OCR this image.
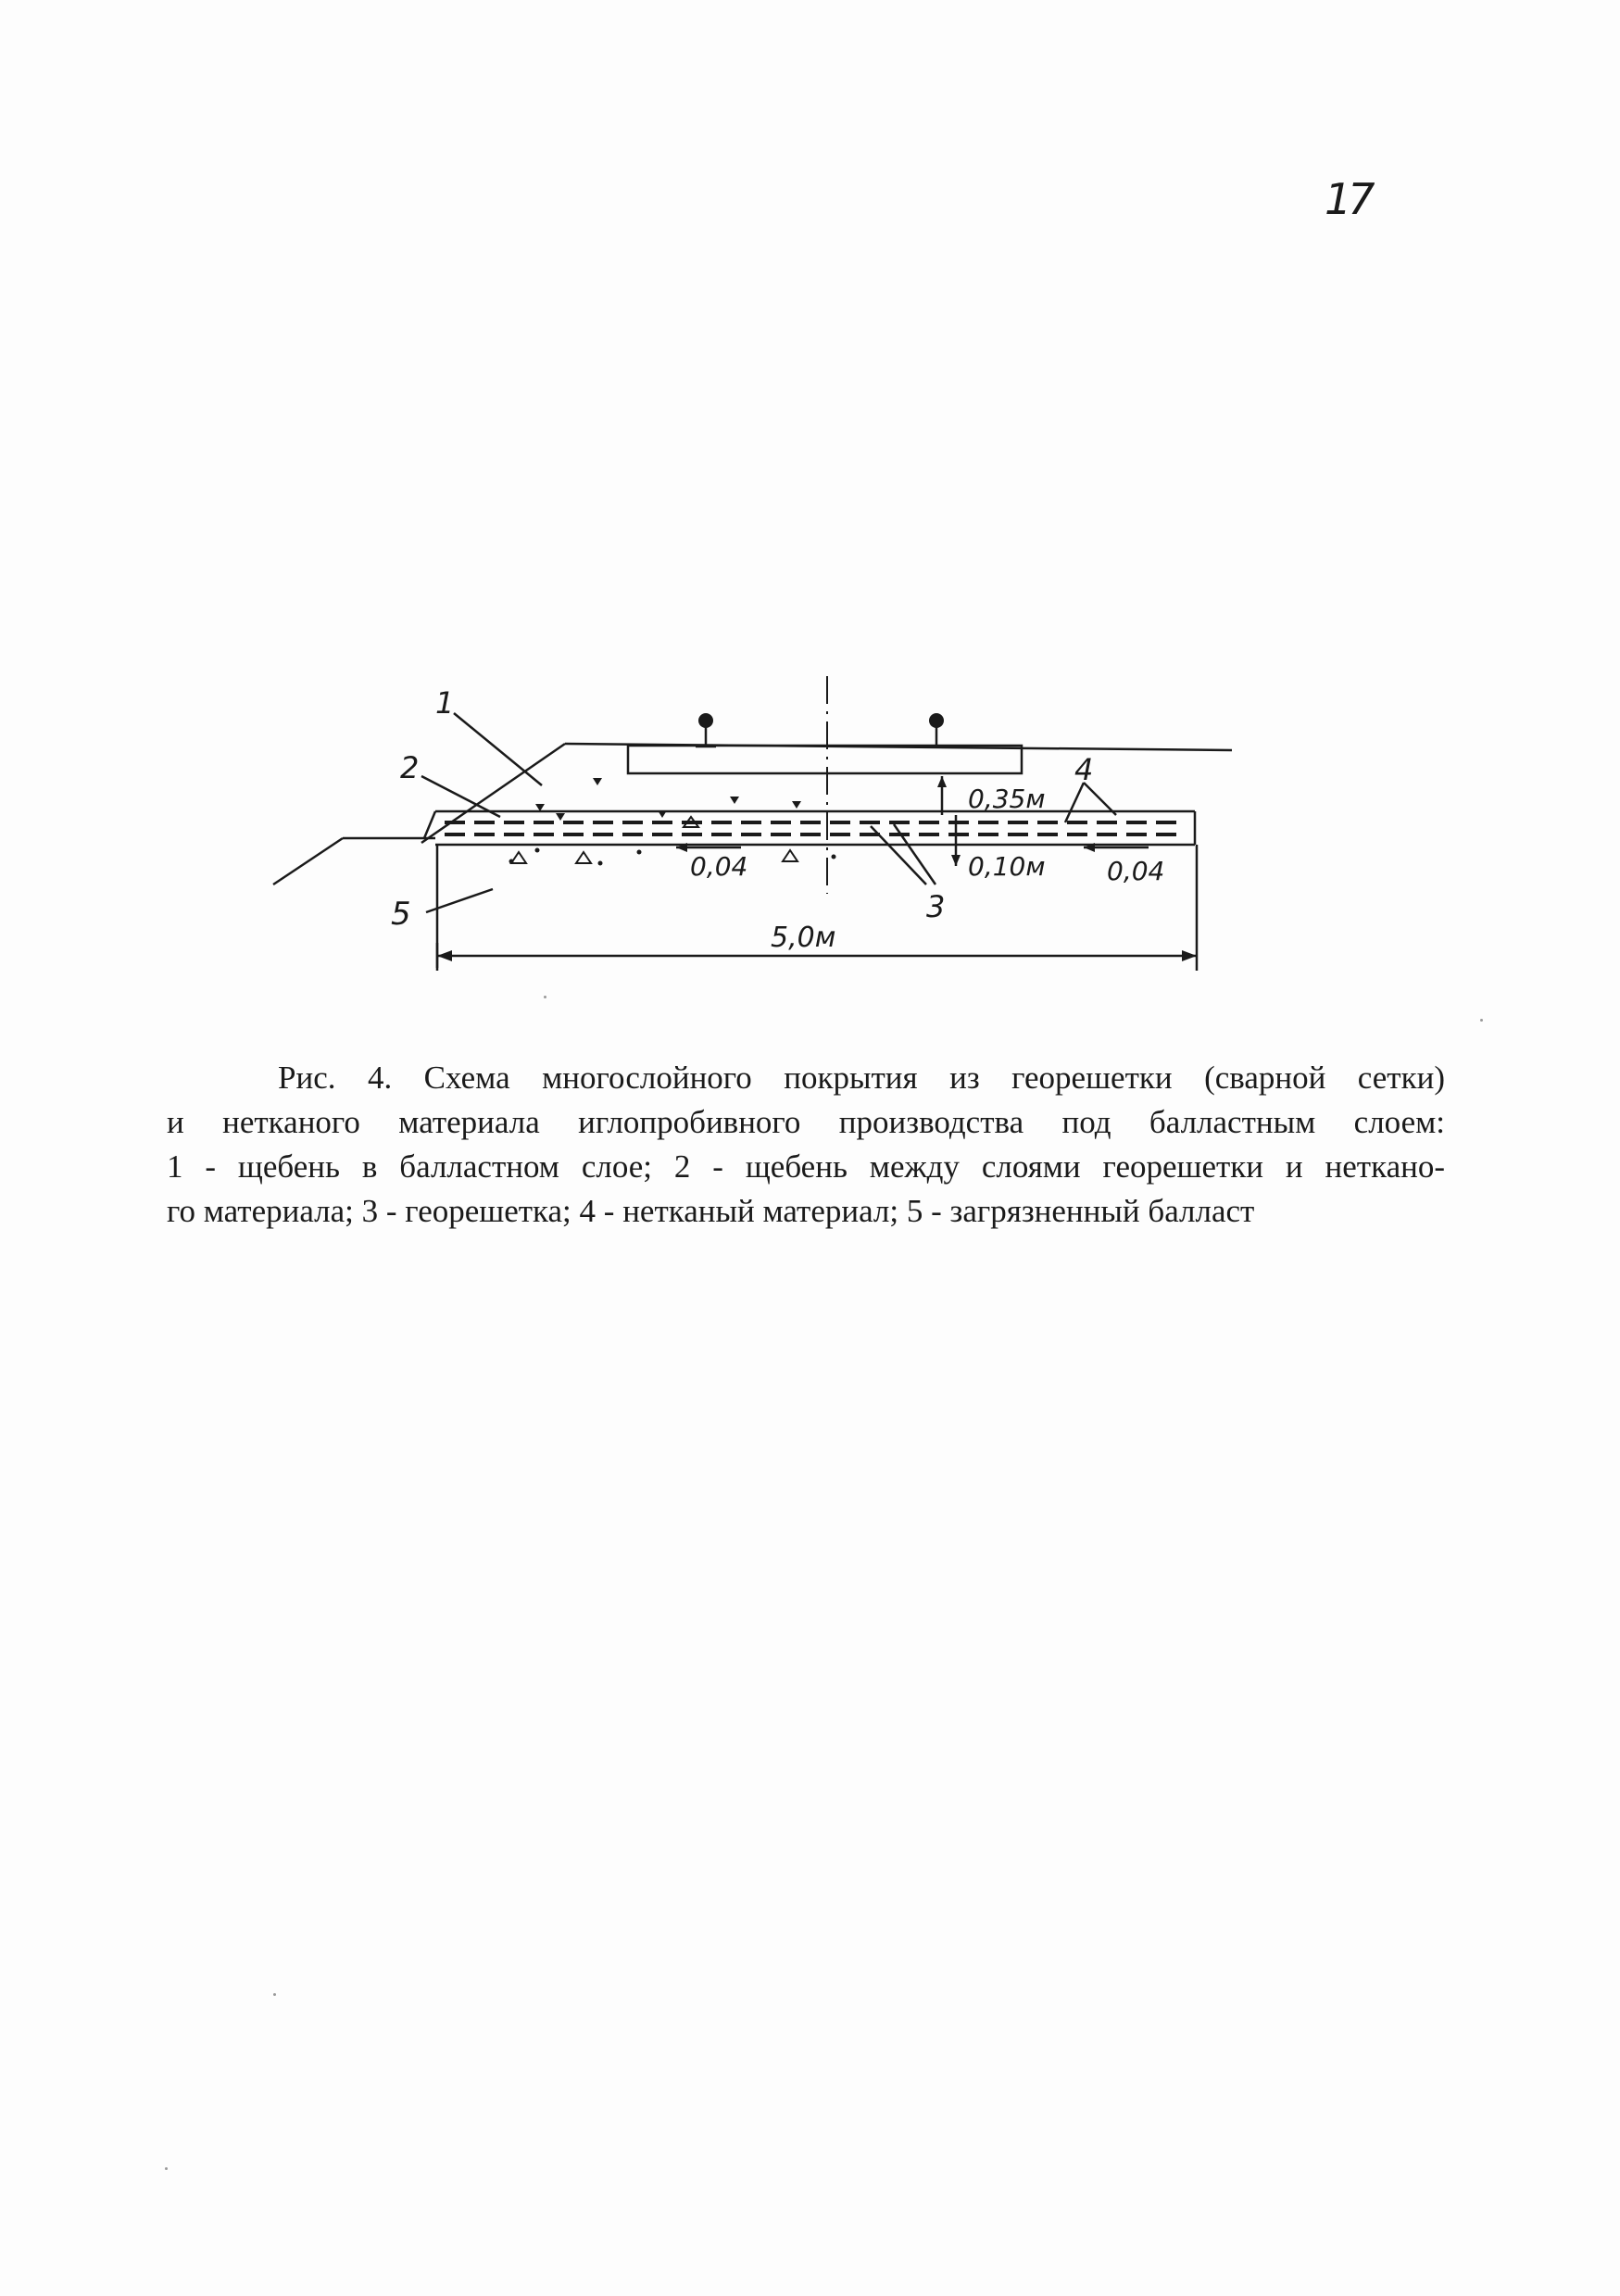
17
1
2
3
4
5
0,35м
0,04	0,10м 0,04
5,0м

Рис. 4. Схема многослойного покрытия из георешетки (сварной сетки)

и нетканого материала иглопробивного производства под балластным слоем:

1 - щебень в балластном слое; 2 - щебень между слоями георешетки и неткано-

го материала; 3 - георешетка; 4 - нетканый материал; 5 - загрязненный балласт
